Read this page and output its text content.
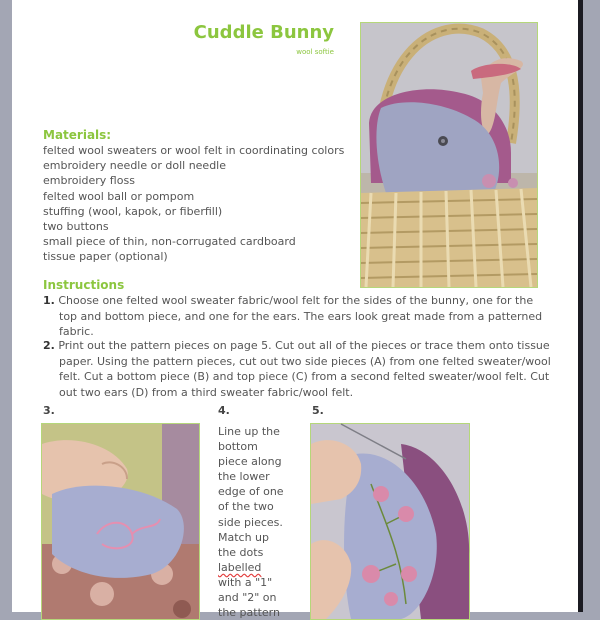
Cuddle Bunny
wool softie
Materials:
felted wool sweaters or wool felt in coordinating colors
embroidery needle or doll needle
embroidery floss
felted wool ball or pompom
stuffing (wool, kapok, or fiberfill)
two buttons
small piece of thin, non-corrugated cardboard
tissue paper (optional)
Instructions
1. Choose one felted wool sweater fabric/wool felt for the sides of the bunny, one for the top and bottom piece, and one for the ears. The ears look great made from a patterned fabric.
2. Print out the pattern pieces on page 5. Cut out all of the pieces or trace them onto tissue paper. Using the pattern pieces, cut out two side pieces (A) from one felted sweater/wool felt. Cut a bottom piece (B) and top piece (C) from a second felted sweater/wool felt. Cut out two ears (D) from a third sweater fabric/wool felt.
3.	4.	5.
Line up the bottom piece along the lower edge of one of the two side pieces. Match up the dots labelled with a "1" and "2" on the pattern
